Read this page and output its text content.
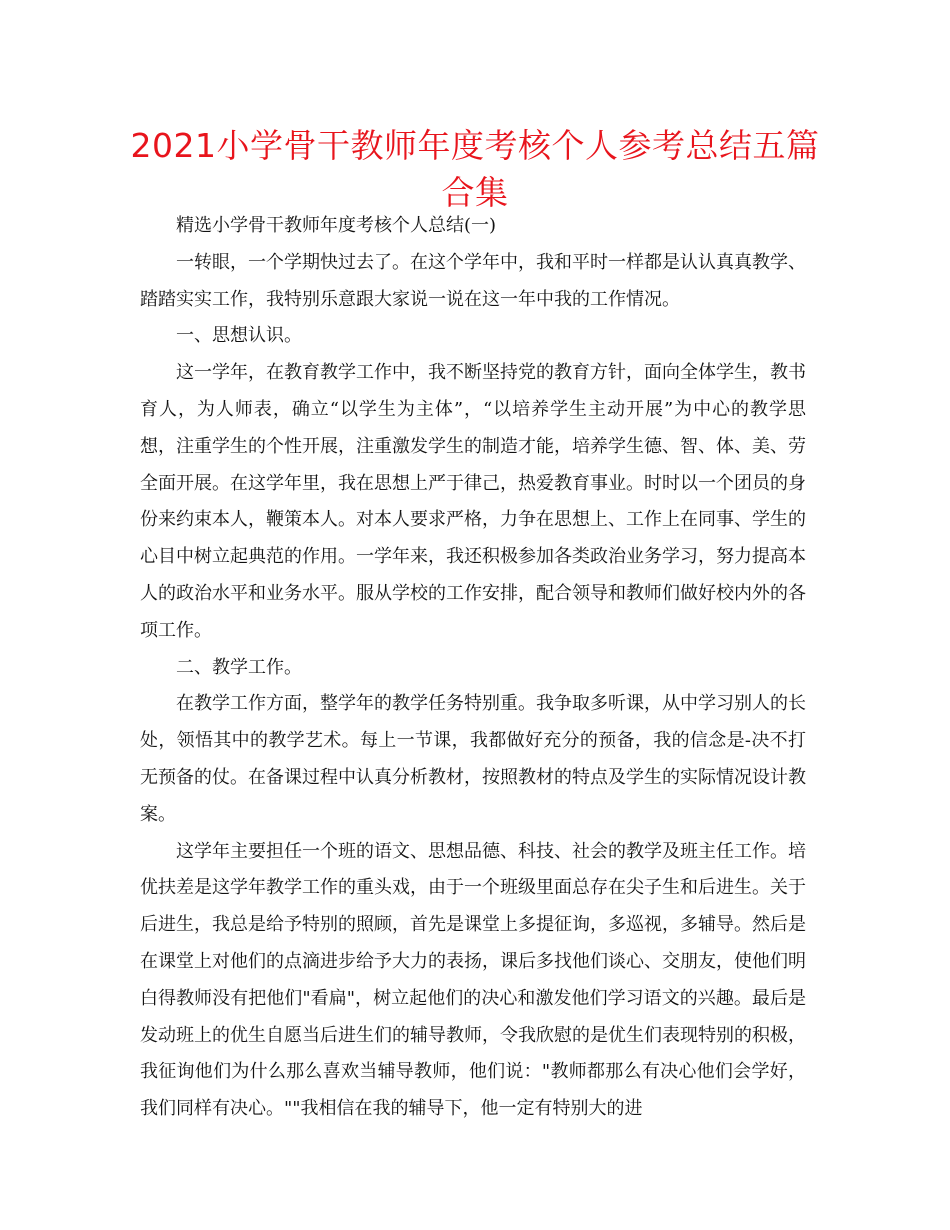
2021小学骨干教师年度考核个人参考总结五篇合集

精选小学骨干教师年度考核个人总结(一)

一转眼，一个学期快过去了。在这个学年中，我和平时一样都是认认真真教学、踏踏实实工作，我特别乐意跟大家说一说在这一年中我的工作情况。

一、思想认识。

这一学年，在教育教学工作中，我不断坚持党的教育方针，面向全体学生，教书育人，为人师表，确立“以学生为主体”，“以培养学生主动开展”为中心的教学思想，注重学生的个性开展，注重激发学生的制造才能，培养学生德、智、体、美、劳全面开展。在这学年里，我在思想上严于律己，热爱教育事业。时时以一个团员的身份来约束本人，鞭策本人。对本人要求严格，力争在思想上、工作上在同事、学生的心目中树立起典范的作用。一学年来，我还积极参加各类政治业务学习，努力提高本人的政治水平和业务水平。服从学校的工作安排，配合领导和教师们做好校内外的各项工作。

二、教学工作。

在教学工作方面，整学年的教学任务特别重。我争取多听课，从中学习别人的长处，领悟其中的教学艺术。每上一节课，我都做好充分的预备，我的信念是-决不打无预备的仗。在备课过程中认真分析教材，按照教材的特点及学生的实际情况设计教案。

这学年主要担任一个班的语文、思想品德、科技、社会的教学及班主任工作。培优扶差是这学年教学工作的重头戏，由于一个班级里面总存在尖子生和后进生。关于后进生，我总是给予特别的照顾，首先是课堂上多提征询，多巡视，多辅导。然后是在课堂上对他们的点滴进步给予大力的表扬，课后多找他们谈心、交朋友，使他们明白得教师没有把他们"看扁"，树立起他们的决心和激发他们学习语文的兴趣。最后是发动班上的优生自愿当后进生们的辅导教师，令我欣慰的是优生们表现特别的积极，我征询他们为什么那么喜欢当辅导教师，他们说："教师都那么有决心他们会学好，我们同样有决心。""我相信在我的辅导下，他一定有特别大的进
